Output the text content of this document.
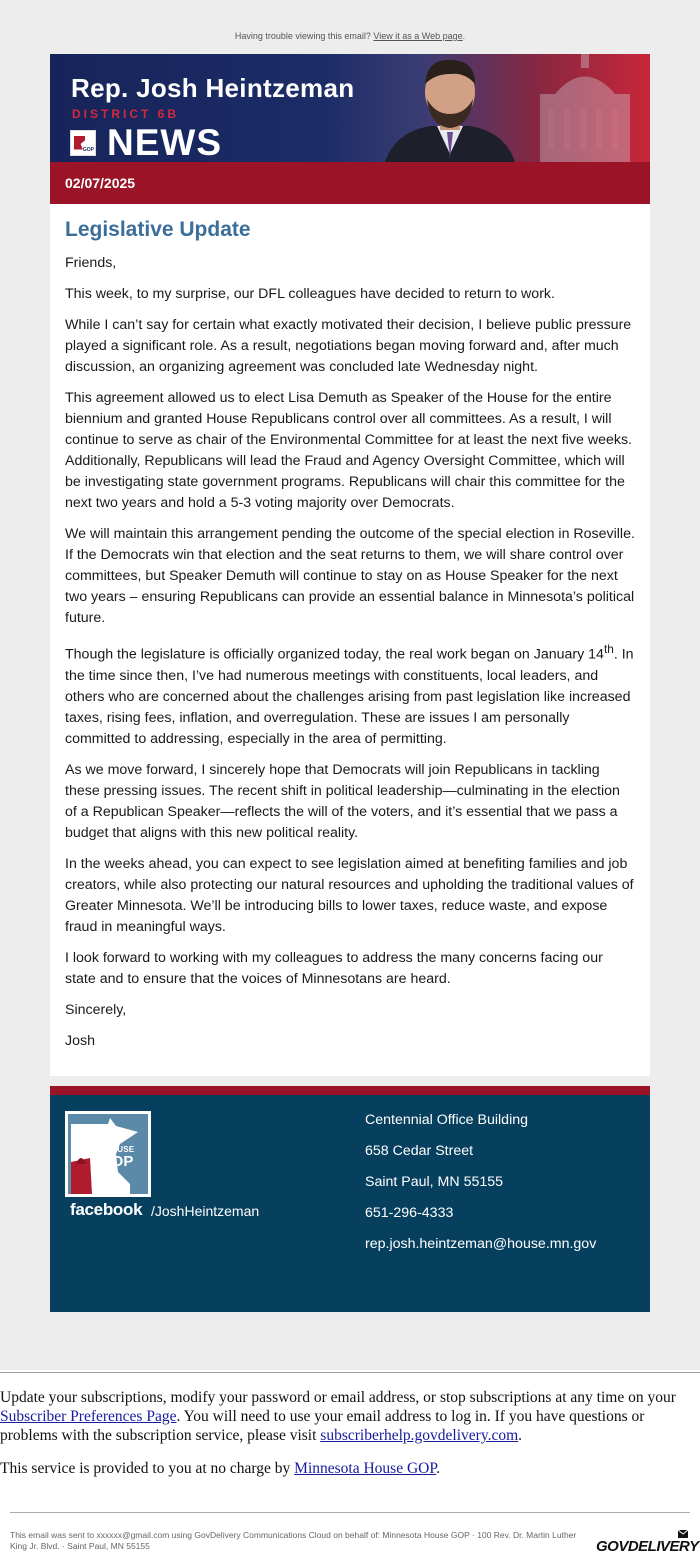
Having trouble viewing this email? View it as a Web page.
Rep. Josh Heintzeman
DISTRICT 6B
GOP NEWS
02/07/2025
Legislative Update

Friends,

This week, to my surprise, our DFL colleagues have decided to return to work.

While I can’t say for certain what exactly motivated their decision, I believe public pressure played a significant role. As a result, negotiations began moving forward and, after much discussion, an organizing agreement was concluded late Wednesday night.

This agreement allowed us to elect Lisa Demuth as Speaker of the House for the entire biennium and granted House Republicans control over all committees. As a result, I will continue to serve as chair of the Environmental Committee for at least the next five weeks. Additionally, Republicans will lead the Fraud and Agency Oversight Committee, which will be investigating state government programs. Republicans will chair this committee for the next two years and hold a 5-3 voting majority over Democrats.

We will maintain this arrangement pending the outcome of the special election in Roseville. If the Democrats win that election and the seat returns to them, we will share control over committees, but Speaker Demuth will continue to stay on as House Speaker for the next two years – ensuring Republicans can provide an essential balance in Minnesota’s political future.

Though the legislature is officially organized today, the real work began on January 14th. In the time since then, I’ve had numerous meetings with constituents, local leaders, and others who are concerned about the challenges arising from past legislation like increased taxes, rising fees, inflation, and overregulation. These are issues I am personally committed to addressing, especially in the area of permitting.

As we move forward, I sincerely hope that Democrats will join Republicans in tackling these pressing issues. The recent shift in political leadership—culminating in the election of a Republican Speaker—reflects the will of the voters, and it’s essential that we pass a budget that aligns with this new political reality.

In the weeks ahead, you can expect to see legislation aimed at benefiting families and job creators, while also protecting our natural resources and upholding the traditional values of Greater Minnesota. We’ll be introducing bills to lower taxes, reduce waste, and expose fraud in meaningful ways.

I look forward to working with my colleagues to address the many concerns facing our state and to ensure that the voices of Minnesotans are heard.

Sincerely,

Josh

MNHOUSE
GOP
facebook /JoshHeintzeman
Centennial Office Building
658 Cedar Street
Saint Paul, MN 55155
651-296-4333
rep.josh.heintzeman@house.mn.gov

Update your subscriptions, modify your password or email address, or stop subscriptions at any time on your Subscriber Preferences Page. You will need to use your email address to log in. If you have questions or problems with the subscription service, please visit subscriberhelp.govdelivery.com.

This service is provided to you at no charge by Minnesota House GOP.

This email was sent to xxxxxx@gmail.com using GovDelivery Communications Cloud on behalf of: Minnesota House GOP · 100 Rev. Dr. Martin Luther King Jr. Blvd. · Saint Paul, MN 55155	GOVDELIVERY
